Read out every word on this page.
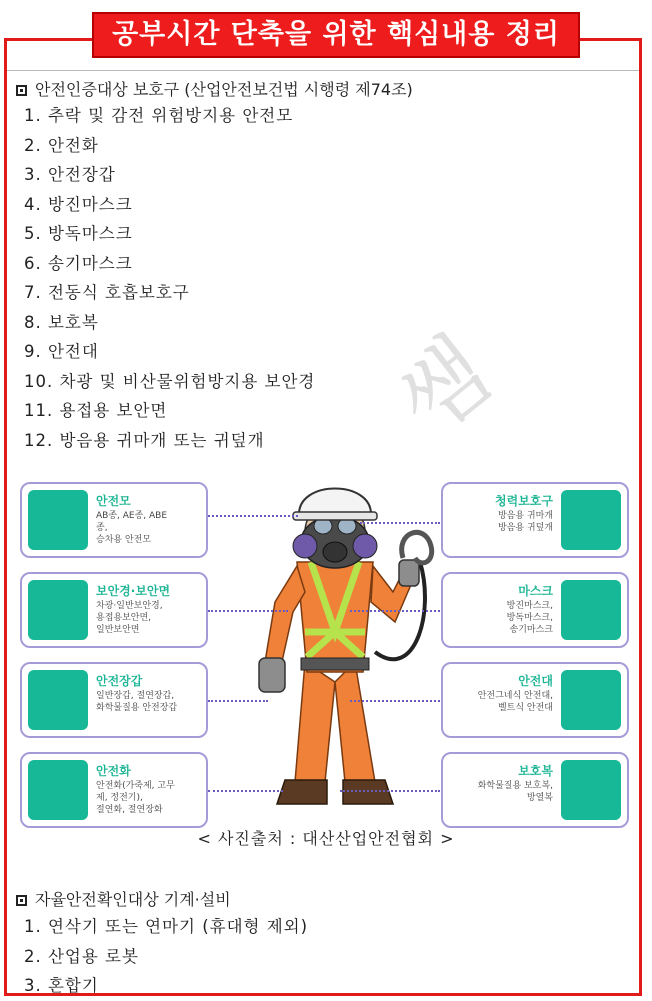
공부시간 단축을 위한 핵심내용 정리
안전인증대상 보호구 (산업안전보건법 시행령 제74조)
1. 추락 및 감전 위험방지용 안전모
2. 안전화
3. 안전장갑
4. 방진마스크
5. 방독마스크
6. 송기마스크
7. 전동식 호흡보호구
8. 보호복
9. 안전대
10. 차광 및 비산물위험방지용 보안경
11. 용접용 보안면
12. 방음용 귀마개 또는 귀덮개	쌤
안전모
AB종, AE종, ABE
종,
승차용 안전모
보안경·보안면
차광·일반보안경,
용접용보안면,
일반보안면
안전장갑
일반장갑, 절연장갑,
화학물질용 안전장갑
안전화
안전화(가죽제, 고무
제, 정전기),
절연화, 절연장화
청력보호구
방음용 귀마개
방음용 귀덮개
마스크
방진마스크,
방독마스크,
송기마스크
안전대
안전그네식 안전대,
벨트식 안전대
보호복
화학물질용 보호복,
방열복
< 사진출처 : 대산산업안전협회 >
자율안전확인대상 기계·설비
1. 연삭기 또는 연마기 (휴대형 제외)
2. 산업용 로봇
3. 혼합기
